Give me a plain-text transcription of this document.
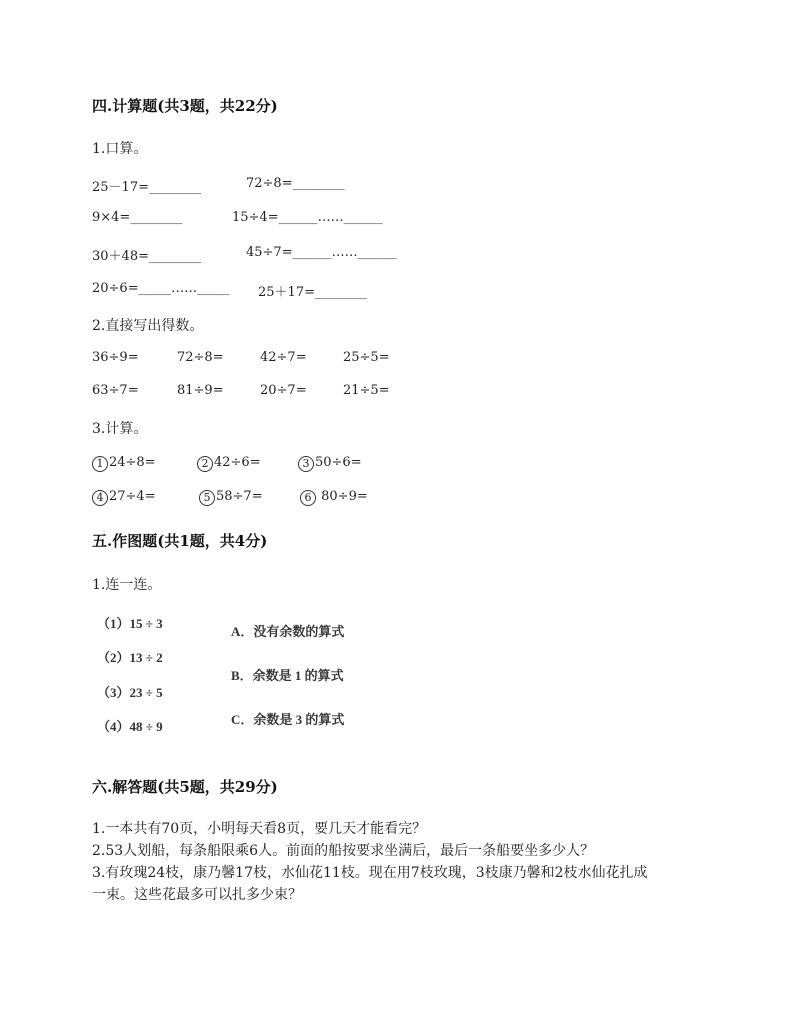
四.计算题(共3题，共22分)
1.口算。
25－17=________	72÷8=________
9×4=________	15÷4=______……______
30＋48=________	45÷7=______……______
20÷6=_____……_____ 25＋17=________
2.直接写出得数。
36÷9=	72÷8=	42÷7=	25÷5=
63÷7=	81÷9=	20÷7=	21÷5=
3.计算。
1 24÷8=	2 42÷6=	3 50÷6=
4 27÷4=	5 58÷7=	6 80÷9=
五.作图题(共1题，共4分)
1.连一连。
（1）15 ÷ 3
（2）13 ÷ 2
（3）23 ÷ 5
（4）48 ÷ 9
A．没有余数的算式
B．余数是 1 的算式
C．余数是 3 的算式
六.解答题(共5题，共29分)
1.一本共有70页，小明每天看8页，要几天才能看完？
2.53人划船，每条船限乘6人。前面的船按要求坐满后，最后一条船要坐多少人？
3.有玫瑰24枝，康乃馨17枝，水仙花11枝。现在用7枝玫瑰，3枝康乃馨和2枝水仙花扎成
一束。这些花最多可以扎多少束？
